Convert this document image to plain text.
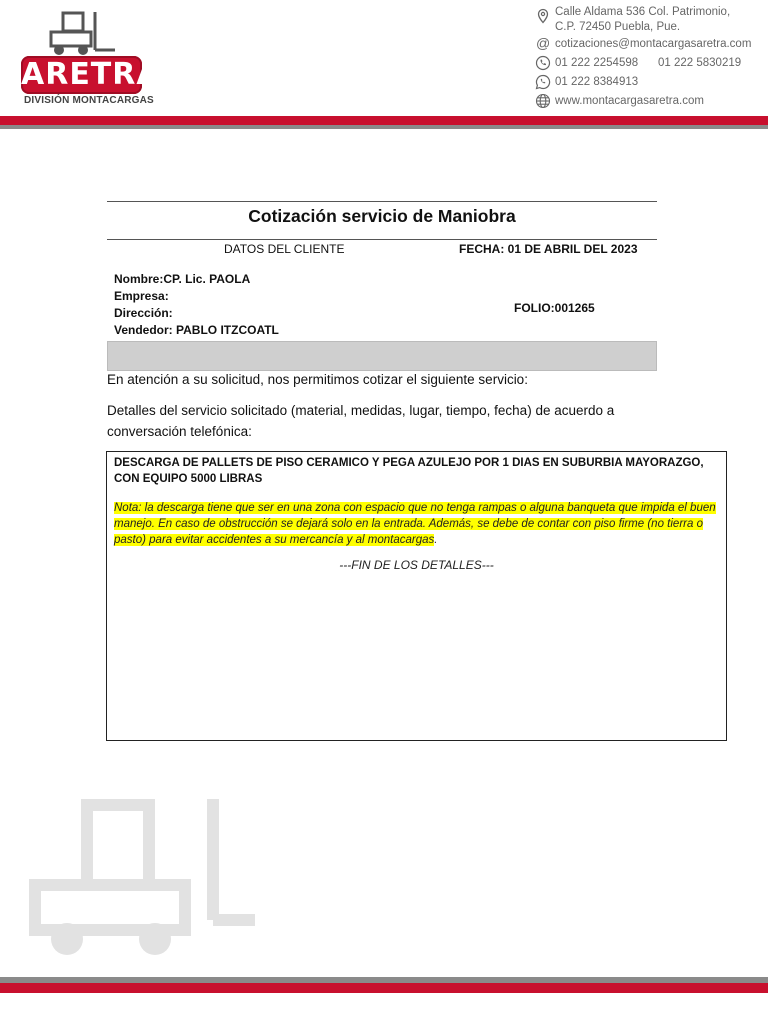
ARETRA
DIVISIÓN MONTACARGAS
Calle Aldama 536 Col. Patrimonio,
C.P. 72450 Puebla, Pue.
@ cotizaciones@montacargasaretra.com
01 222 2254598 01 222 5830219
01 222 8384913
www.montacargasaretra.com
Cotización servicio de Maniobra
DATOS DEL CLIENTE	FECHA: 01 DE ABRIL DEL 2023
Nombre:CP. Lic. PAOLA
Empresa:
Dirección:
Vendedor: PABLO ITZCOATL
FOLIO:001265
En atención a su solicitud, nos permitimos cotizar el siguiente servicio:
Detalles del servicio solicitado (material, medidas, lugar, tiempo, fecha) de acuerdo a
conversación telefónica:
DESCARGA DE PALLETS DE PISO CERAMICO Y PEGA AZULEJO POR 1 DIAS EN SUBURBIA MAYORAZGO, CON EQUIPO 5000 LIBRAS
Nota: la descarga tiene que ser en una zona con espacio que no tenga rampas o alguna banqueta que impida el buen manejo. En caso de obstrucción se dejará solo en la entrada. Además, se debe de contar con piso firme (no tierra o pasto) para evitar accidentes a su mercancía y al montacargas.
---FIN DE LOS DETALLES---
